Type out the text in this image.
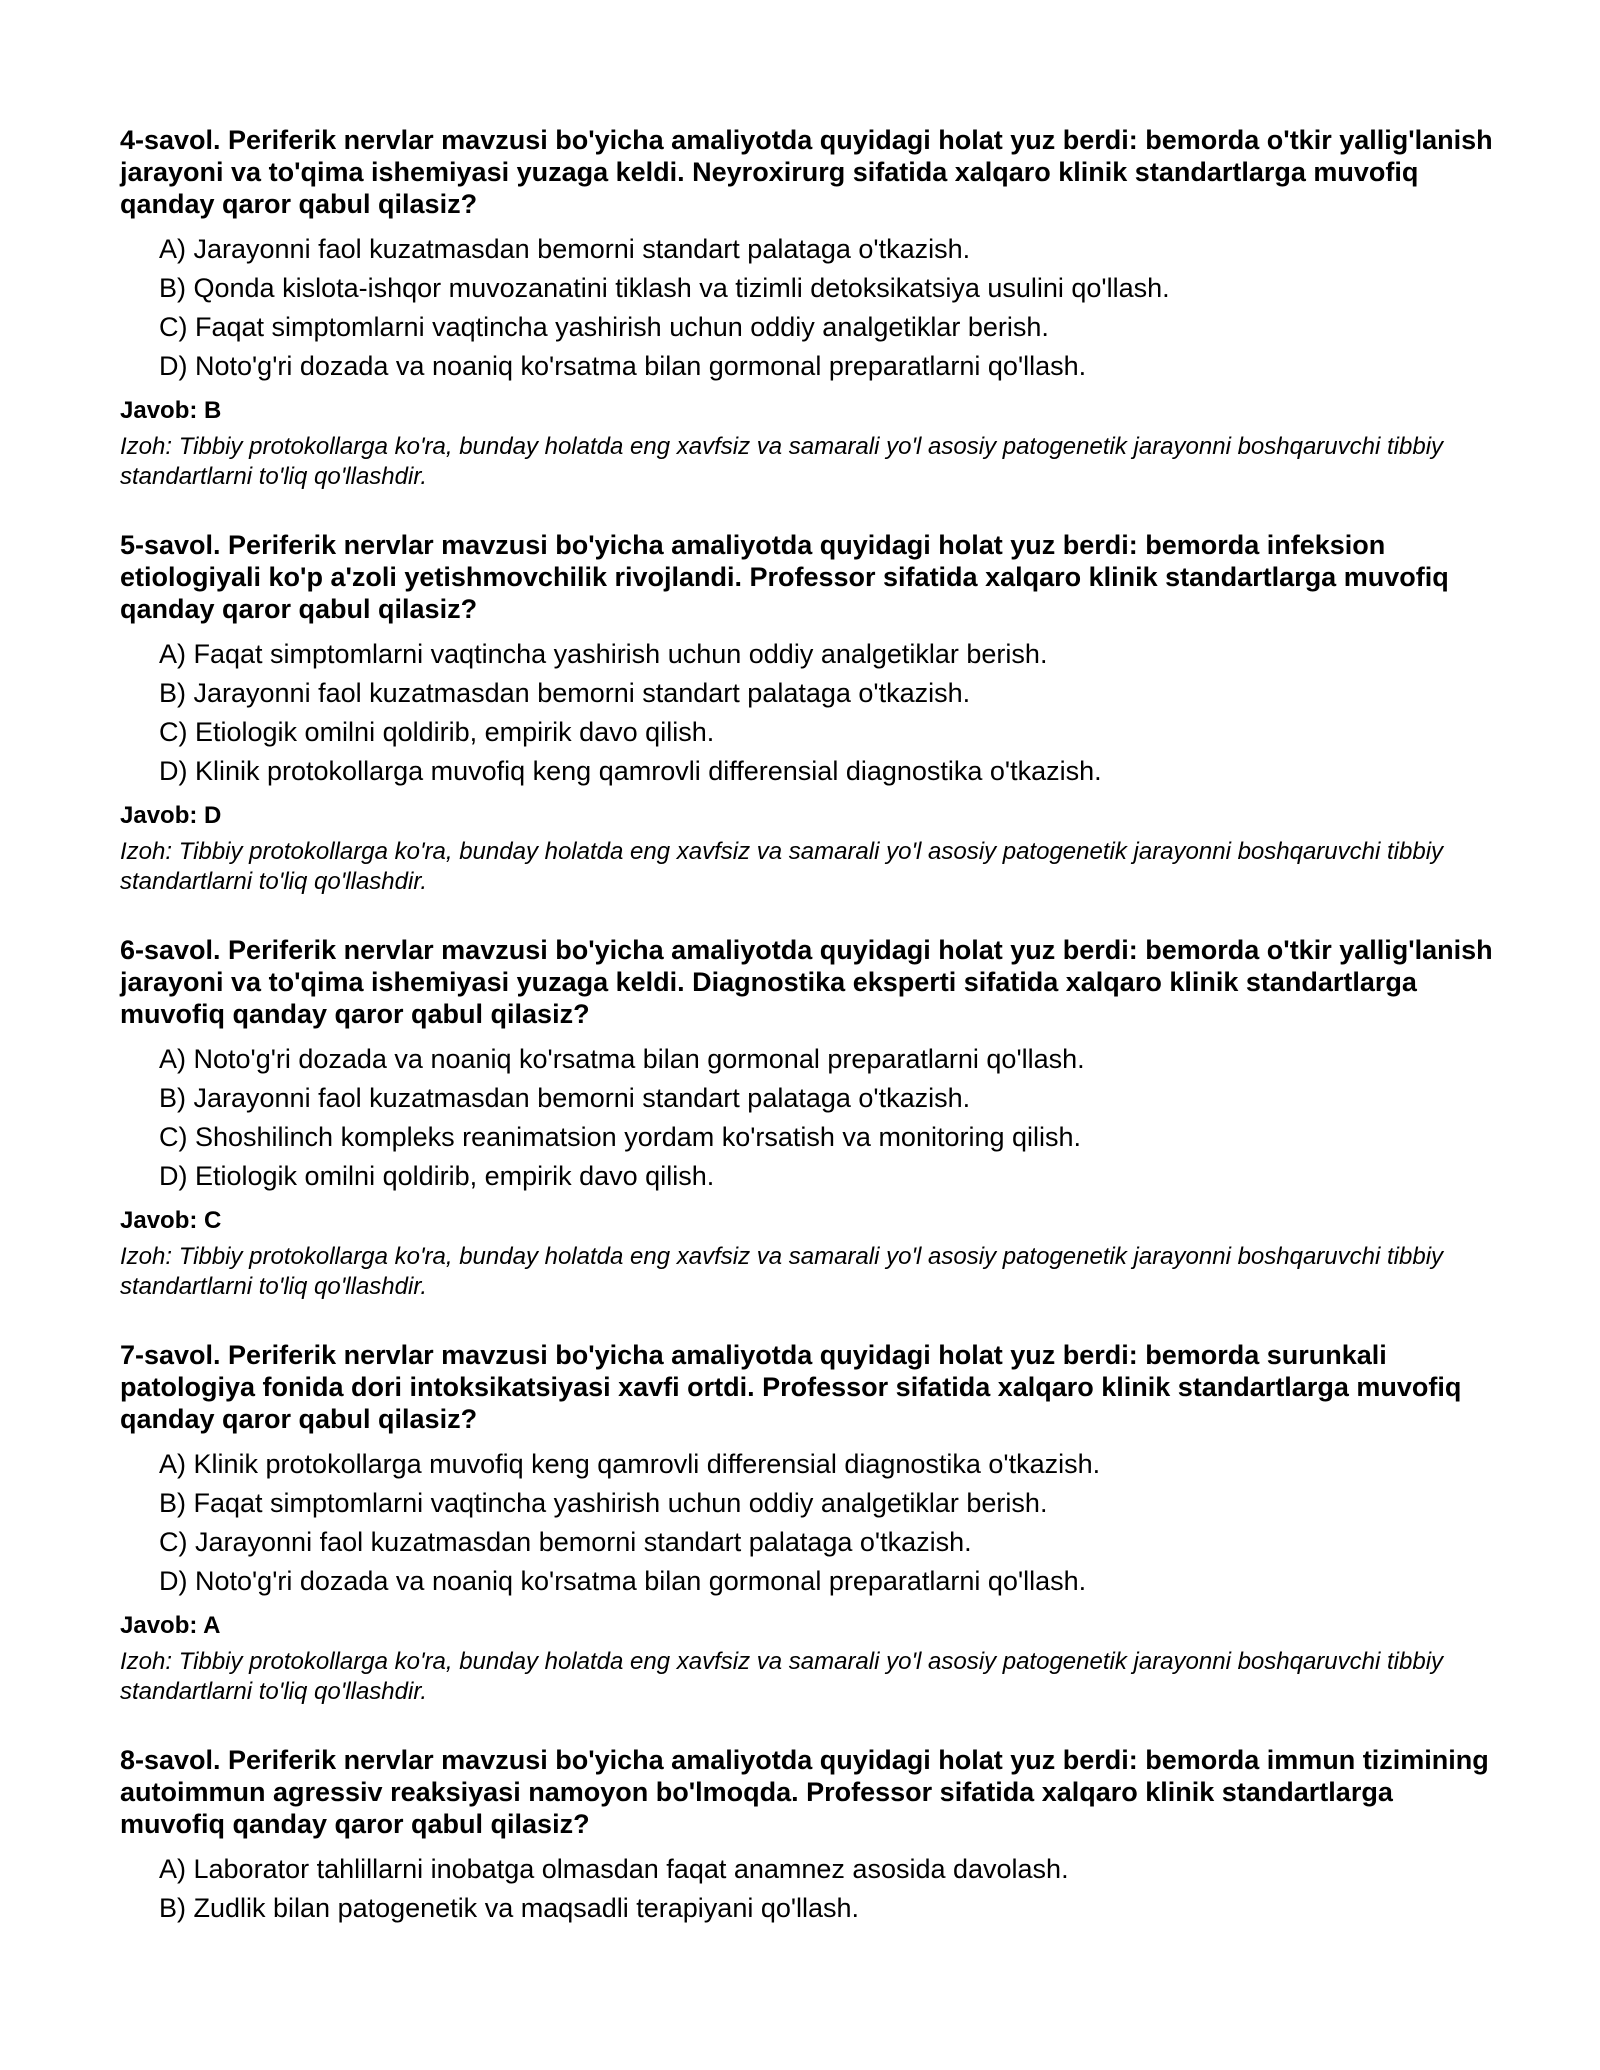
4-savol. Periferik nervlar mavzusi bo'yicha amaliyotda quyidagi holat yuz berdi: bemorda o'tkir yallig'lanish jarayoni va to'qima ishemiyasi yuzaga keldi. Neyroxirurg sifatida xalqaro klinik standartlarga muvofiq qanday qaror qabul qilasiz?

A) Jarayonni faol kuzatmasdan bemorni standart palataga o'tkazish.
B) Qonda kislota-ishqor muvozanatini tiklash va tizimli detoksikatsiya usulini qo'llash.
C) Faqat simptomlarni vaqtincha yashirish uchun oddiy analgetiklar berish.
D) Noto'g'ri dozada va noaniq ko'rsatma bilan gormonal preparatlarni qo'llash.

Javob: B

Izoh: Tibbiy protokollarga ko'ra, bunday holatda eng xavfsiz va samarali yo'l asosiy patogenetik jarayonni boshqaruvchi tibbiy standartlarni to'liq qo'llashdir.

5-savol. Periferik nervlar mavzusi bo'yicha amaliyotda quyidagi holat yuz berdi: bemorda infeksion etiologiyali ko'p a'zoli yetishmovchilik rivojlandi. Professor sifatida xalqaro klinik standartlarga muvofiq qanday qaror qabul qilasiz?

A) Faqat simptomlarni vaqtincha yashirish uchun oddiy analgetiklar berish.
B) Jarayonni faol kuzatmasdan bemorni standart palataga o'tkazish.
C) Etiologik omilni qoldirib, empirik davo qilish.
D) Klinik protokollarga muvofiq keng qamrovli differensial diagnostika o'tkazish.

Javob: D

Izoh: Tibbiy protokollarga ko'ra, bunday holatda eng xavfsiz va samarali yo'l asosiy patogenetik jarayonni boshqaruvchi tibbiy standartlarni to'liq qo'llashdir.

6-savol. Periferik nervlar mavzusi bo'yicha amaliyotda quyidagi holat yuz berdi: bemorda o'tkir yallig'lanish jarayoni va to'qima ishemiyasi yuzaga keldi. Diagnostika eksperti sifatida xalqaro klinik standartlarga muvofiq qanday qaror qabul qilasiz?

A) Noto'g'ri dozada va noaniq ko'rsatma bilan gormonal preparatlarni qo'llash.
B) Jarayonni faol kuzatmasdan bemorni standart palataga o'tkazish.
C) Shoshilinch kompleks reanimatsion yordam ko'rsatish va monitoring qilish.
D) Etiologik omilni qoldirib, empirik davo qilish.

Javob: C

Izoh: Tibbiy protokollarga ko'ra, bunday holatda eng xavfsiz va samarali yo'l asosiy patogenetik jarayonni boshqaruvchi tibbiy standartlarni to'liq qo'llashdir.

7-savol. Periferik nervlar mavzusi bo'yicha amaliyotda quyidagi holat yuz berdi: bemorda surunkali patologiya fonida dori intoksikatsiyasi xavfi ortdi. Professor sifatida xalqaro klinik standartlarga muvofiq qanday qaror qabul qilasiz?

A) Klinik protokollarga muvofiq keng qamrovli differensial diagnostika o'tkazish.
B) Faqat simptomlarni vaqtincha yashirish uchun oddiy analgetiklar berish.
C) Jarayonni faol kuzatmasdan bemorni standart palataga o'tkazish.
D) Noto'g'ri dozada va noaniq ko'rsatma bilan gormonal preparatlarni qo'llash.

Javob: A

Izoh: Tibbiy protokollarga ko'ra, bunday holatda eng xavfsiz va samarali yo'l asosiy patogenetik jarayonni boshqaruvchi tibbiy standartlarni to'liq qo'llashdir.

8-savol. Periferik nervlar mavzusi bo'yicha amaliyotda quyidagi holat yuz berdi: bemorda immun tizimining autoimmun agressiv reaksiyasi namoyon bo'lmoqda. Professor sifatida xalqaro klinik standartlarga muvofiq qanday qaror qabul qilasiz?

A) Laborator tahlillarni inobatga olmasdan faqat anamnez asosida davolash.
B) Zudlik bilan patogenetik va maqsadli terapiyani qo'llash.
